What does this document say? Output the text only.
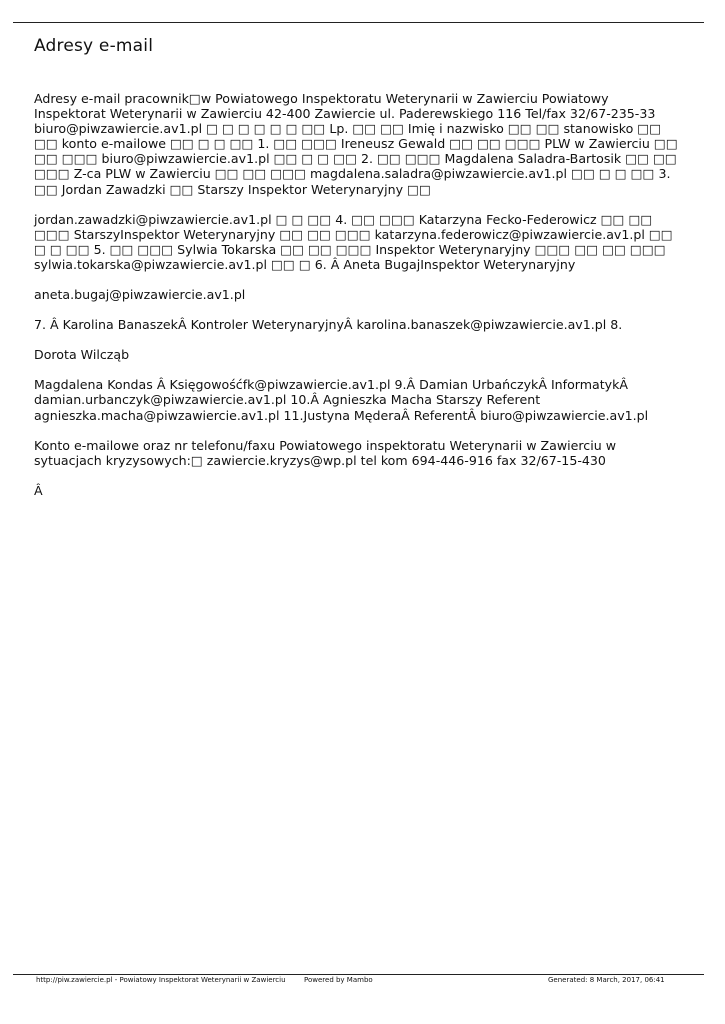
Adresy e-mail

Adresy e-mail pracownik□w Powiatowego Inspektoratu Weterynarii w Zawierciu Powiatowy Inspektorat Weterynarii w Zawierciu 42-400 Zawiercie ul. Paderewskiego 116 Tel/fax 32/67-235-33 biuro@piwzawiercie.av1.pl □ □ □ □ □ □ □□ Lp. □□ □□ Imię i nazwisko □□ □□ stanowisko □□ □□ konto e-mailowe □□ □ □ □□ 1. □□ □□□ Ireneusz Gewald □□ □□ □□□ PLW w Zawierciu □□ □□ □□□ biuro@piwzawiercie.av1.pl □□ □ □ □□ 2. □□ □□□ Magdalena Saladra-Bartosik □□ □□ □□□ Z-ca PLW w Zawierciu □□ □□ □□□ magdalena.saladra@piwzawiercie.av1.pl □□ □ □ □□ 3. □□ Jordan Zawadzki □□ Starszy Inspektor Weterynaryjny □□

jordan.zawadzki@piwzawiercie.av1.pl □ □ □□ 4. □□ □□□ Katarzyna Fecko-Federowicz □□ □□ □□□ StarszyInspektor Weterynaryjny □□ □□ □□□ katarzyna.federowicz@piwzawiercie.av1.pl □□ □ □ □□ 5. □□ □□□ Sylwia Tokarska □□ □□ □□□ Inspektor Weterynaryjny □□□ □□ □□ □□□ sylwia.tokarska@piwzawiercie.av1.pl □□ □ 6. Â Aneta BugajInspektor Weterynaryjny

aneta.bugaj@piwzawiercie.av1.pl

7. Â Karolina BanaszekÂ Kontroler WeterynaryjnyÂ karolina.banaszek@piwzawiercie.av1.pl 8.

Dorota Wilcząb

Magdalena Kondas Â Księgowośćfk@piwzawiercie.av1.pl 9.Â Damian UrbańczykÂ InformatykÂ damian.urbanczyk@piwzawiercie.av1.pl 10.Â Agnieszka Macha Starszy Referent agnieszka.macha@piwzawiercie.av1.pl 11.Justyna MęderaÂ ReferentÂ biuro@piwzawiercie.av1.pl

Konto e-mailowe oraz nr telefonu/faxu Powiatowego inspektoratu Weterynarii w Zawierciu w sytuacjach kryzysowych:□ zawiercie.kryzys@wp.pl tel kom 694-446-916 fax 32/67-15-430

Â

http://piw.zawiercie.pl - Powiatowy Inspektorat Weterynarii w Zawierciu	Powered by Mambo	Generated: 8 March, 2017, 06:41
